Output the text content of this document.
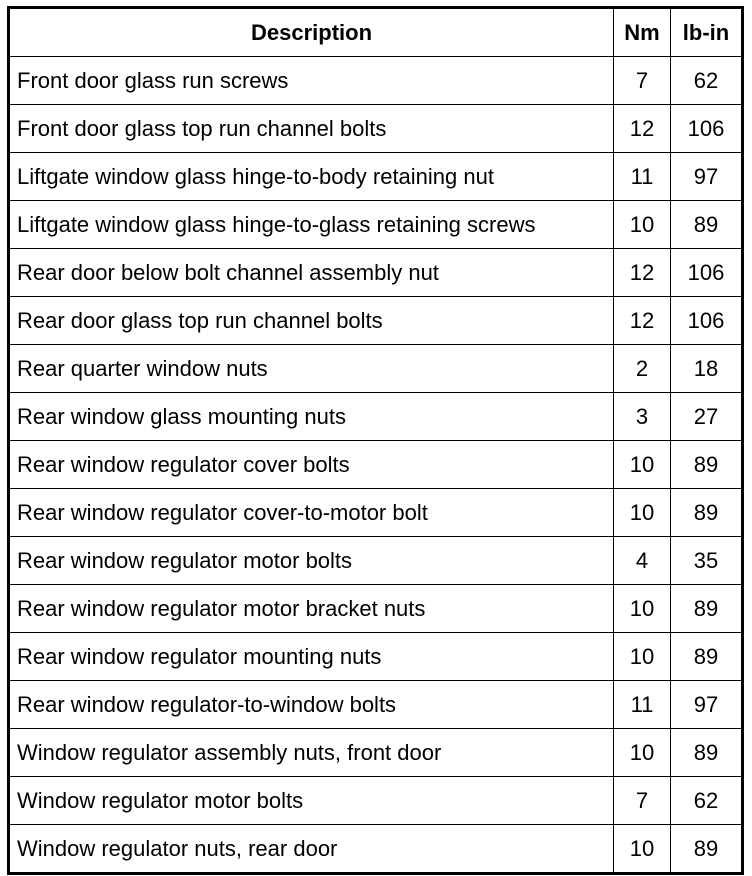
Description	Nm	lb-in
Front door glass run screws	7	62
Front door glass top run channel bolts	12	106
Liftgate window glass hinge-to-body retaining nut	11	97
Liftgate window glass hinge-to-glass retaining screws	10	89
Rear door below bolt channel assembly nut	12	106
Rear door glass top run channel bolts	12	106
Rear quarter window nuts	2	18
Rear window glass mounting nuts	3	27
Rear window regulator cover bolts	10	89
Rear window regulator cover-to-motor bolt	10	89
Rear window regulator motor bolts	4	35
Rear window regulator motor bracket nuts	10	89
Rear window regulator mounting nuts	10	89
Rear window regulator-to-window bolts	11	97
Window regulator assembly nuts, front door	10	89
Window regulator motor bolts	7	62
Window regulator nuts, rear door	10	89
